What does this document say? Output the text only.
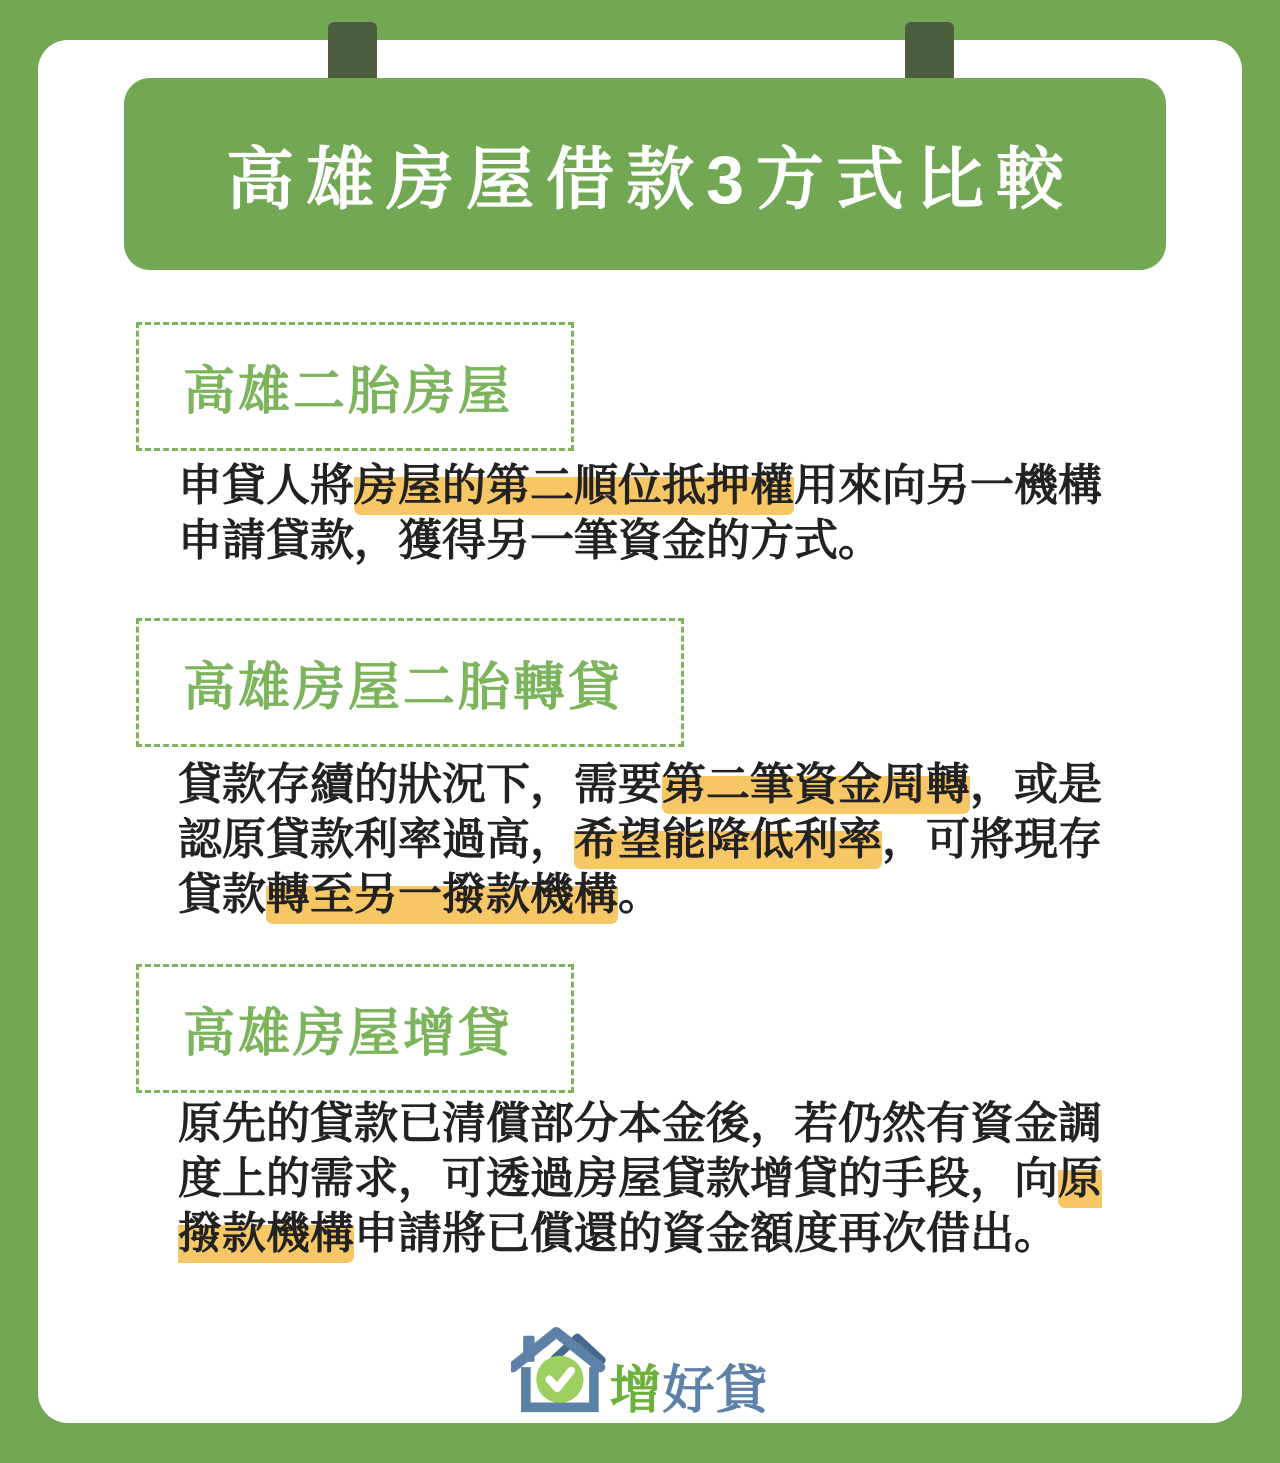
高雄房屋借款3方式比較
高雄二胎房屋

申貸人將房屋的第二順位抵押權用來向另一機構申請貸款，獲得另一筆資金的方式。

高雄房屋二胎轉貸

貸款存續的狀況下，需要第二筆資金周轉，或是認原貸款利率過高，希望能降低利率，可將現存貸款轉至另一撥款機構。

高雄房屋增貸

原先的貸款已清償部分本金後，若仍然有資金調度上的需求，可透過房屋貸款增貸的手段，向原撥款機構申請將已償還的資金額度再次借出。

增好貸
